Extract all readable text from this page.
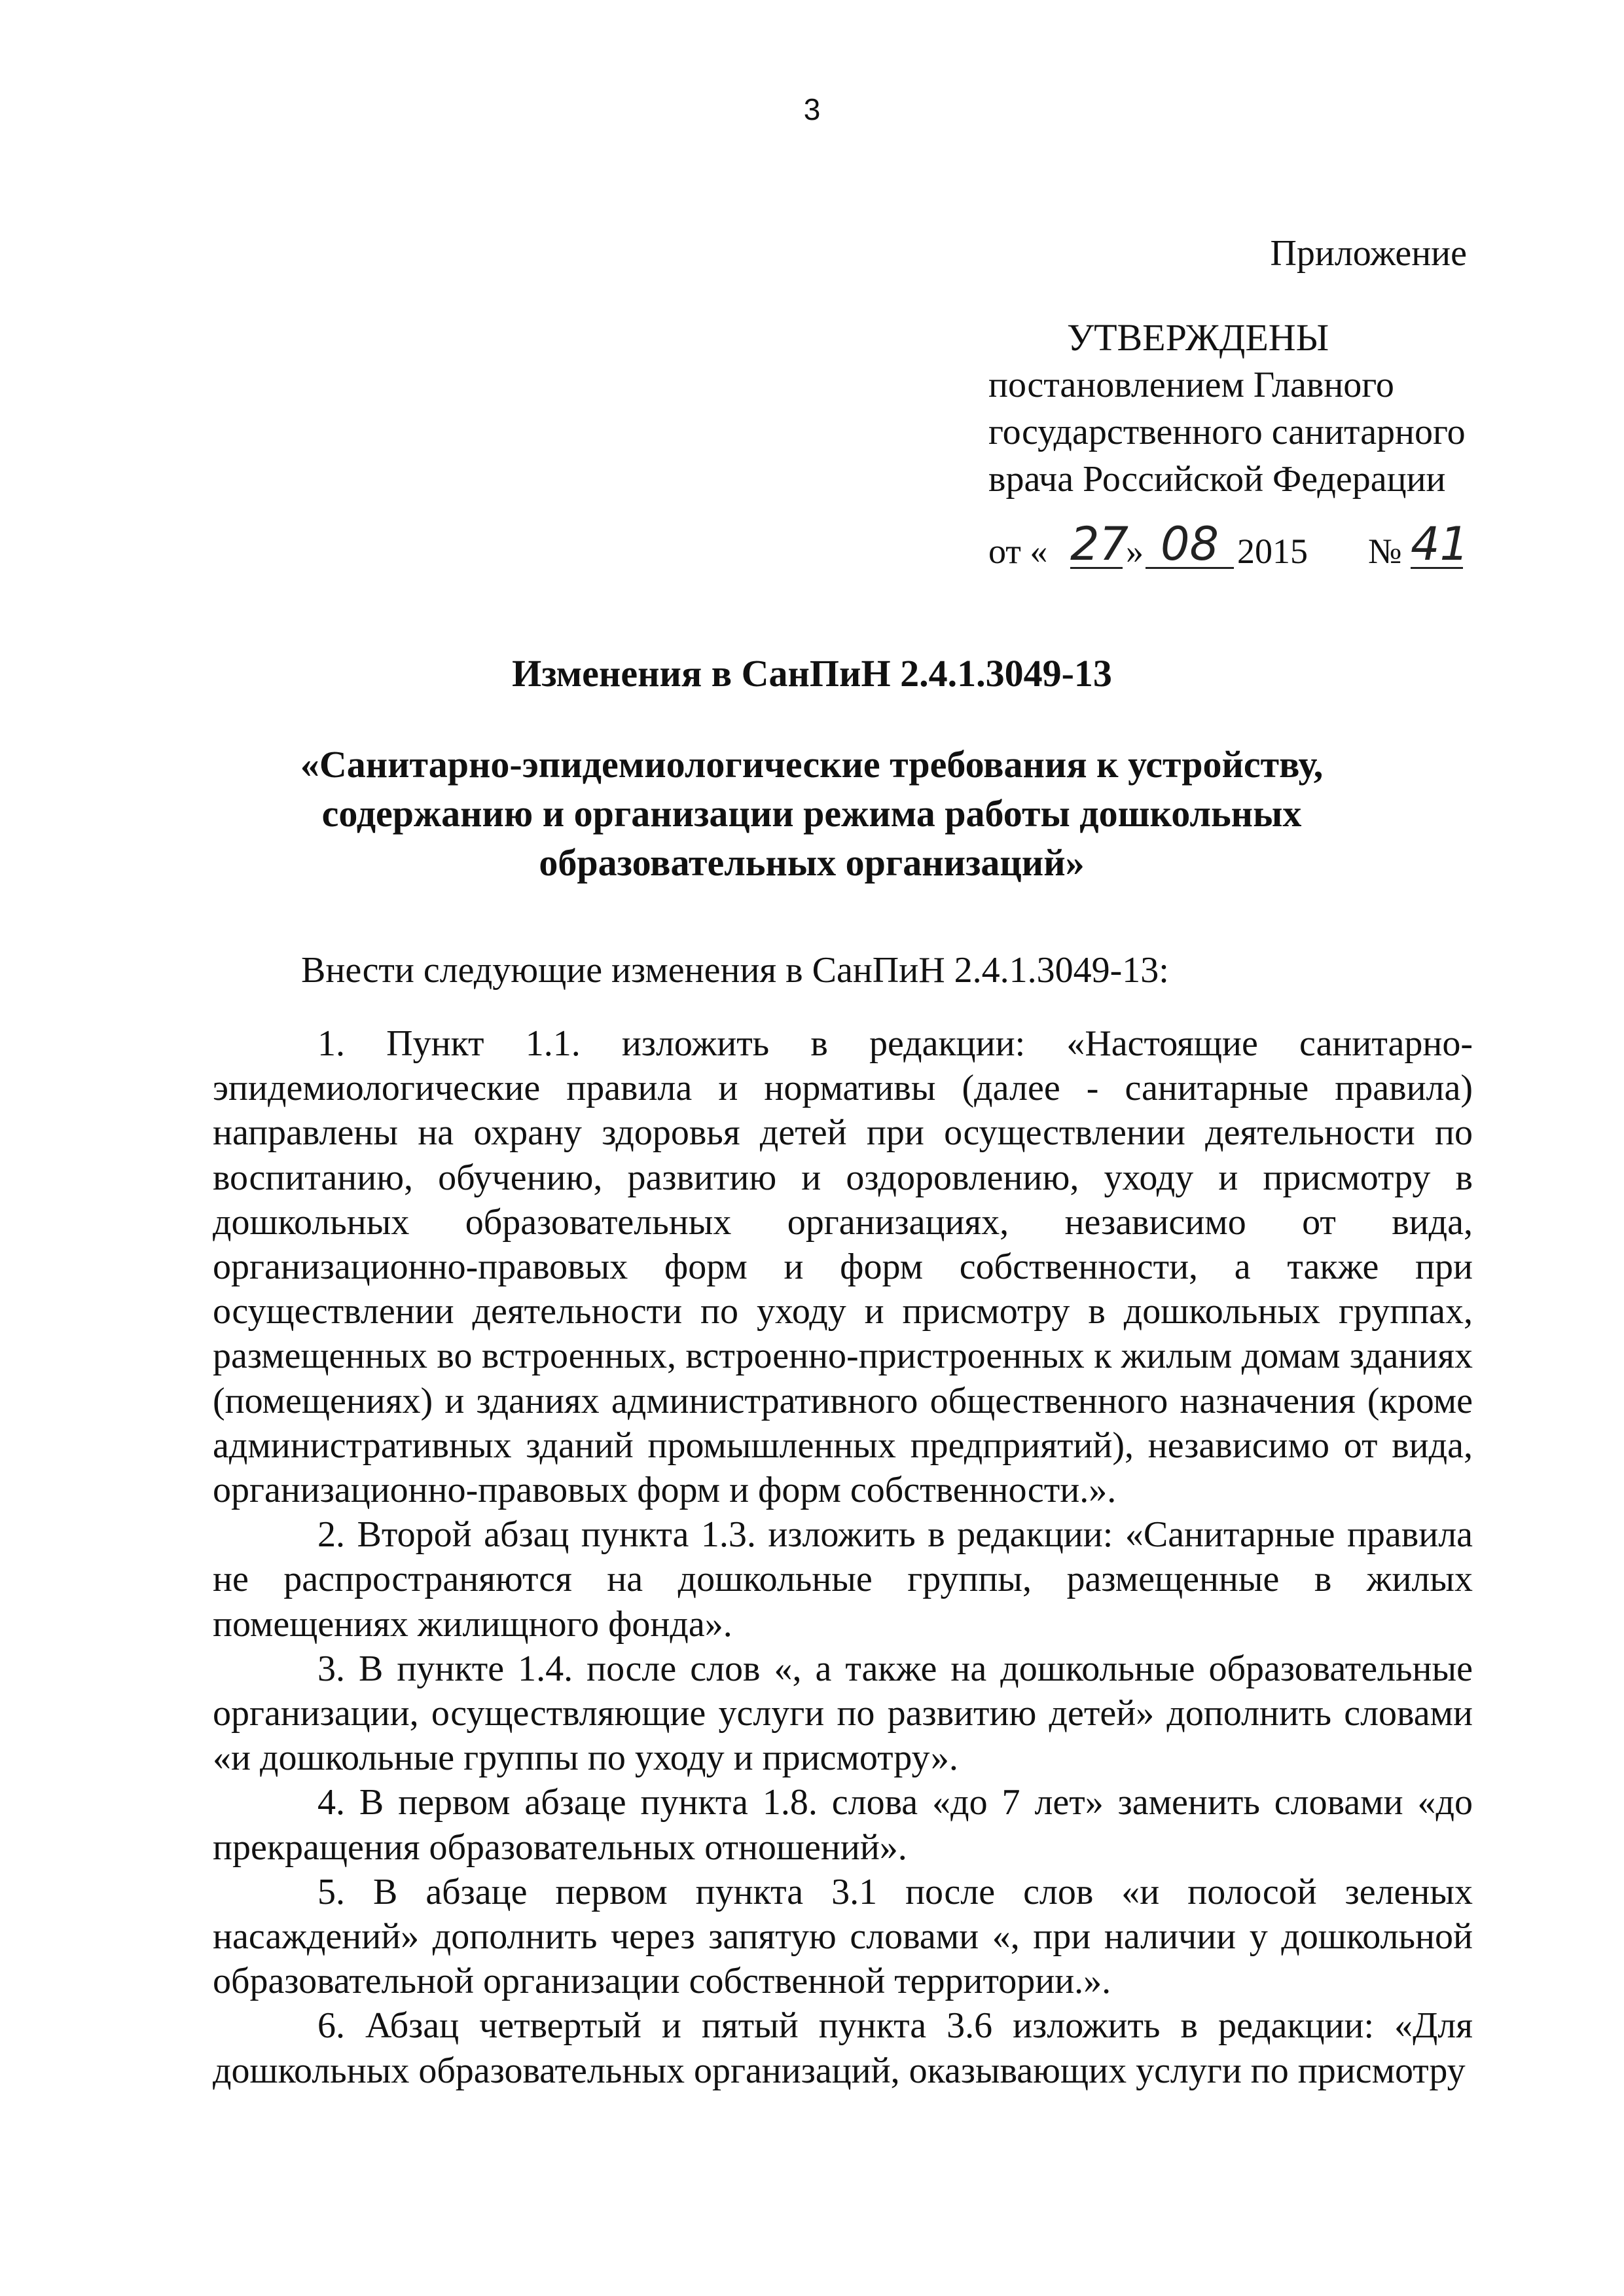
3
Приложение
УТВЕРЖДЕНЫ
постановлением Главного
государственного санитарного
врача Российской Федерации
от « 27
» 08 2015 № 41
Изменения в СанПиН 2.4.1.3049-13
«Санитарно-эпидемиологические требования к устройству,
содержанию и организации режима работы дошкольных
образовательных организаций»
Внести следующие изменения в СанПиН 2.4.1.3049-13:

1. Пункт 1.1. изложить в редакции: «Настоящие санитарно-эпидемиологические правила и нормативы (далее - санитарные правила) направлены на охрану здоровья детей при осуществлении деятельности по воспитанию, обучению, развитию и оздоровлению, уходу и присмотру в дошкольных образовательных организациях, независимо от вида, организационно-правовых форм и форм собственности, а также при осуществлении деятельности по уходу и присмотру в дошкольных группах, размещенных во встроенных, встроенно-пристроенных к жилым домам зданиях (помещениях) и зданиях административного общественного назначения (кроме административных зданий промышленных предприятий), независимо от вида, организационно-правовых форм и форм собственности.».

2. Второй абзац пункта 1.3. изложить в редакции: «Санитарные правила не распространяются на дошкольные группы, размещенные в жилых помещениях жилищного фонда».

3. В пункте 1.4. после слов «, а также на дошкольные образовательные организации, осуществляющие услуги по развитию детей» дополнить словами «и дошкольные группы по уходу и присмотру».

4. В первом абзаце пункта 1.8. слова «до 7 лет» заменить словами «до прекращения образовательных отношений».

5. В абзаце первом пункта 3.1 после слов «и полосой зеленых насаждений» дополнить через запятую словами «, при наличии у дошкольной образовательной организации собственной территории.».

6. Абзац четвертый и пятый пункта 3.6 изложить в редакции: «Для дошкольных образовательных организаций, оказывающих услуги по присмотру
